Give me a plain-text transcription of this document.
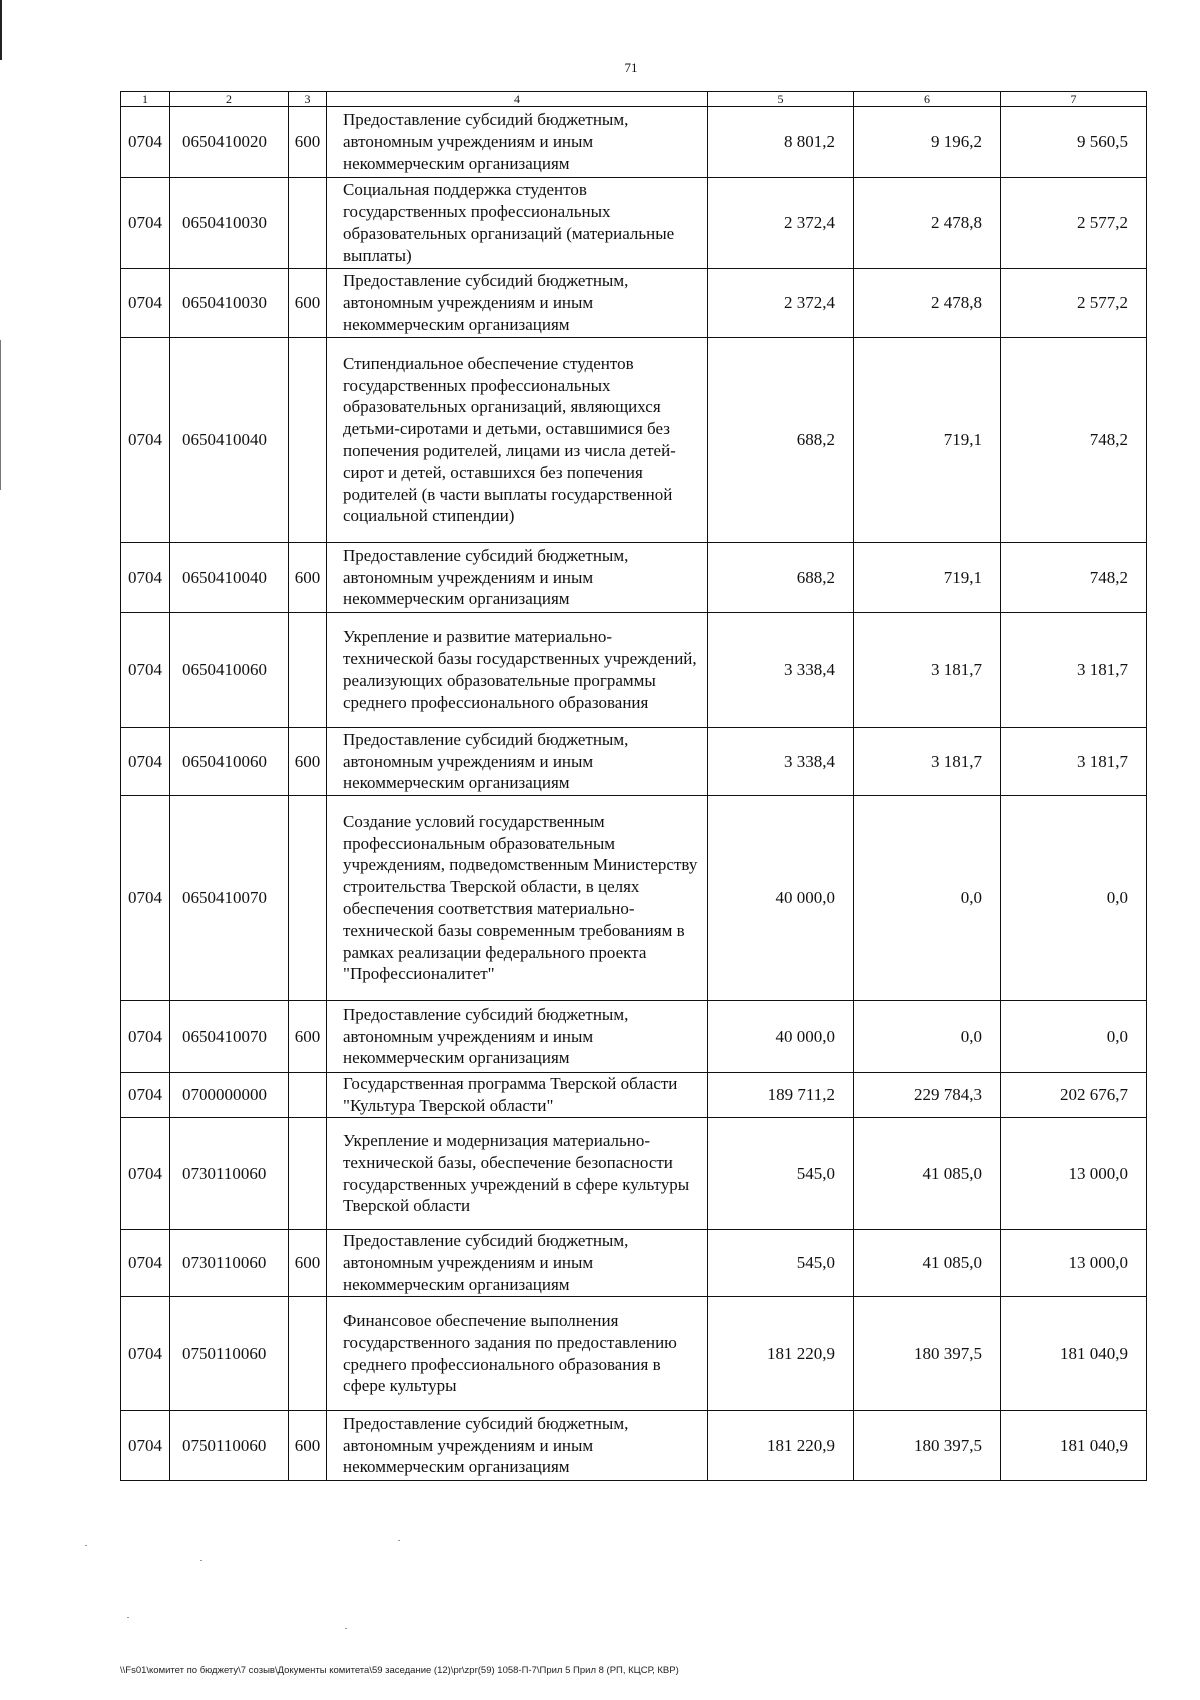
71
1	2	3	4	5	6	7
0704	0650410020	600	Предоставление субсидий бюджетным, автономным учреждениям и иным некоммерческим организациям	8 801,2	9 196,2	9 560,5
0704	0650410030		Социальная поддержка студентов государственных профессиональных образовательных организаций (материальные выплаты)	2 372,4	2 478,8	2 577,2
0704	0650410030	600	Предоставление субсидий бюджетным, автономным учреждениям и иным некоммерческим организациям	2 372,4	2 478,8	2 577,2
0704	0650410040		Стипендиальное обеспечение студентов государственных профессиональных образовательных организаций, являющихся детьми-сиротами и детьми, оставшимися без попечения родителей, лицами из числа детей-сирот и детей, оставшихся без попечения родителей (в части выплаты государственной социальной стипендии)	688,2	719,1	748,2
0704	0650410040	600	Предоставление субсидий бюджетным, автономным учреждениям и иным некоммерческим организациям	688,2	719,1	748,2
0704	0650410060		Укрепление и развитие материально-технической базы государственных учреждений, реализующих образовательные программы среднего профессионального образования	3 338,4	3 181,7	3 181,7
0704	0650410060	600	Предоставление субсидий бюджетным, автономным учреждениям и иным некоммерческим организациям	3 338,4	3 181,7	3 181,7
0704	0650410070		Создание условий государственным профессиональным образовательным учреждениям, подведомственным Министерству строительства Тверской области, в целях обеспечения соответствия материально-технической базы современным требованиям в рамках реализации федерального проекта "Профессионалитет"	40 000,0	0,0	0,0
0704	0650410070	600	Предоставление субсидий бюджетным, автономным учреждениям и иным некоммерческим организациям	40 000,0	0,0	0,0
0704	0700000000		Государственная программа Тверской области "Культура Тверской области"	189 711,2	229 784,3	202 676,7
0704	0730110060		Укрепление и модернизация материально-технической базы, обеспечение безопасности государственных учреждений в сфере культуры Тверской области	545,0	41 085,0	13 000,0
0704	0730110060	600	Предоставление субсидий бюджетным, автономным учреждениям и иным некоммерческим организациям	545,0	41 085,0	13 000,0
0704	0750110060		Финансовое обеспечение выполнения государственного задания по предоставлению среднего профессионального образования в сфере культуры	181 220,9	180 397,5	181 040,9
0704	0750110060	600	Предоставление субсидий бюджетным, автономным учреждениям и иным некоммерческим организациям	181 220,9	180 397,5	181 040,9
\\Fs01\комитет по бюджету\7 созыв\Документы комитета\59 заседание (12)\pr\zpr(59) 1058-П-7\Прил 5 Прил 8 (РП, КЦСР, КВР)
